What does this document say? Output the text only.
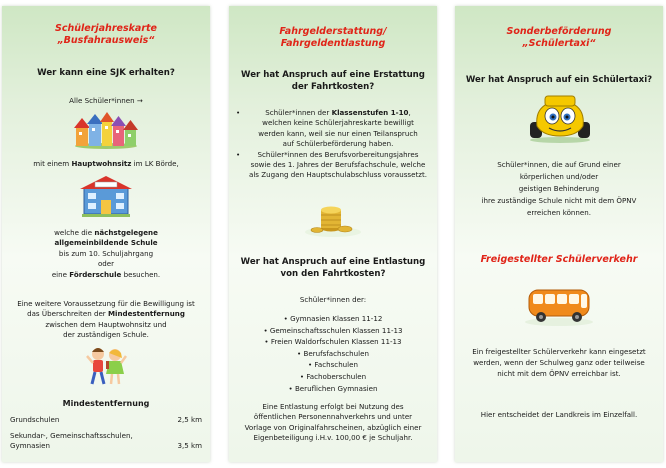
Schülerjahreskarte
„Busfahrausweis“
Wer kann eine SJK erhalten?
Alle Schüler*innen →
mit einem Hauptwohnsitz im LK Börde,
welche die nächstgelegene
allgemeinbildende Schule
bis zum 10. Schuljahrgang
oder
eine Förderschule besuchen.
Eine weitere Voraussetzung für die Bewilligung ist
das Überschreiten der Mindestentfernung
zwischen dem Hauptwohnsitz und
der zuständigen Schule.
Mindestentfernung
Grundschulen	2,5 km
Sekundar-, Gemeinschaftsschulen,
Gymnasien	3,5 km
Fahrgelderstattung/
Fahrgeldentlastung
Wer hat Anspruch auf eine Erstattung
der Fahrtkosten?
• Schüler*innen der Klassenstufen 1-10,
welchen keine Schülerjahreskarte bewilligt
werden kann, weil sie nur einen Teilanspruch
auf Schülerbeförderung haben.
• Schüler*innen des Berufsvorbereitungsjahres
sowie des 1. Jahres der Berufsfachschule, welche
als Zugang den Hauptschulabschluss voraussetzt.
Wer hat Anspruch auf eine Entlastung
von den Fahrtkosten?
Schüler*innen der:
• Gymnasien Klassen 11-12
• Gemeinschaftsschulen Klassen 11-13
• Freien Waldorfschulen Klassen 11-13
• Berufsfachschulen
• Fachschulen
• Fachoberschulen
• Beruflichen Gymnasien
Eine Entlastung erfolgt bei Nutzung des
öffentlichen Personennahverkehrs und unter
Vorlage von Originalfahrscheinen, abzüglich einer
Eigenbeteiligung i.H.v. 100,00 € je Schuljahr.
Sonderbeförderung
„Schülertaxi“
Wer hat Anspruch auf ein Schülertaxi?
Schüler*innen, die auf Grund einer
körperlichen und/oder
geistigen Behinderung
ihre zuständige Schule nicht mit dem ÖPNV
erreichen können.
Freigestellter Schülerverkehr
Ein freigestellter Schülerverkehr kann eingesetzt
werden, wenn der Schulweg ganz oder teilweise
nicht mit dem ÖPNV erreichbar ist.
Hier entscheidet der Landkreis im Einzelfall.
